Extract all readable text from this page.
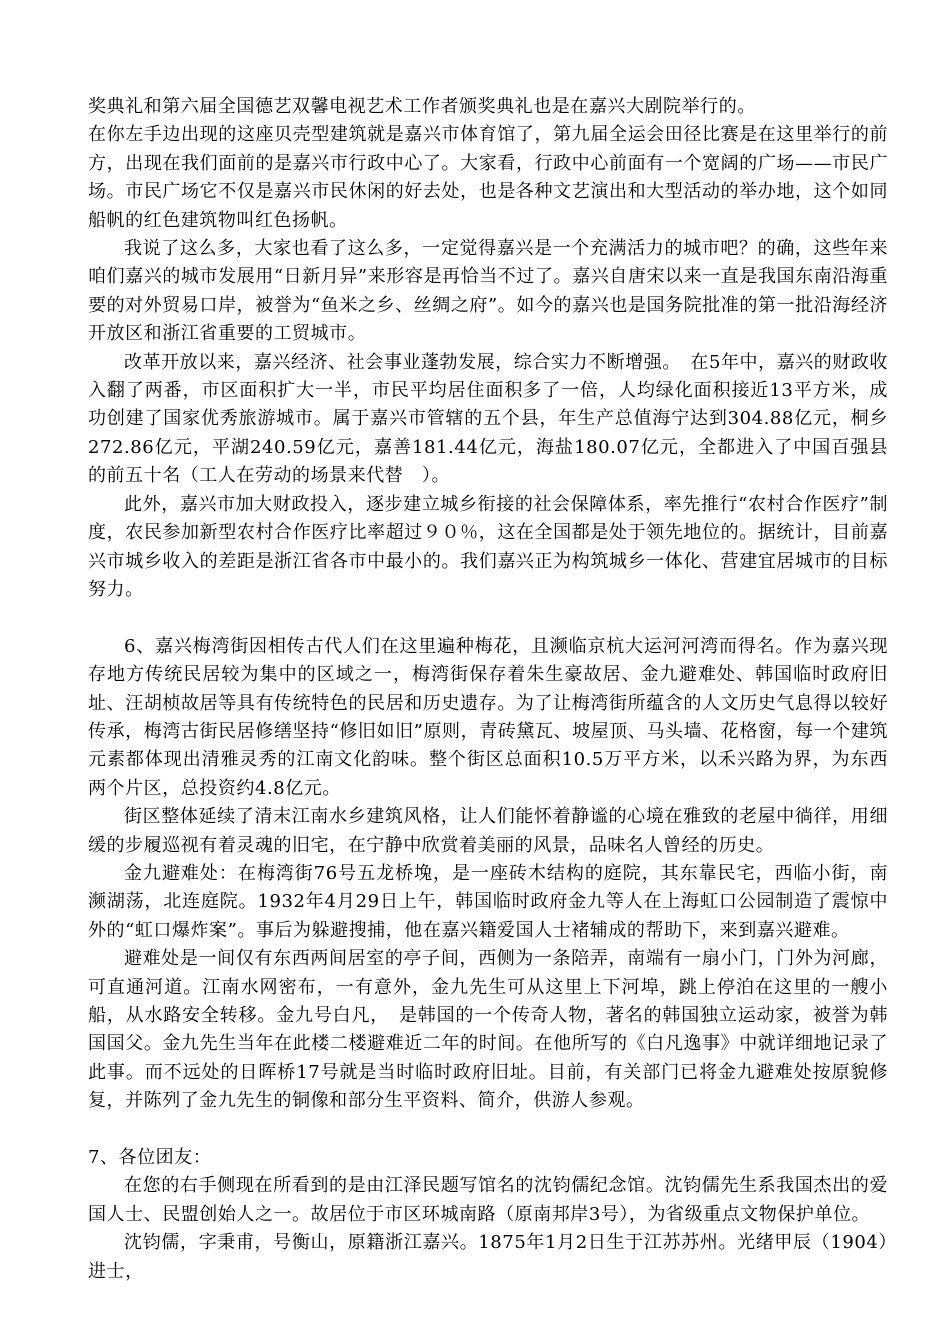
奖典礼和第六届全国德艺双馨电视艺术工作者颁奖典礼也是在嘉兴大剧院举行的。

在你左手边出现的这座贝壳型建筑就是嘉兴市体育馆了，第九届全运会田径比赛是在这里举行的前方，出现在我们面前的是嘉兴市行政中心了。大家看，行政中心前面有一个宽阔的广场——市民广场。市民广场它不仅是嘉兴市民休闲的好去处，也是各种文艺演出和大型活动的举办地，这个如同船帆的红色建筑物叫红色扬帆。

我说了这么多，大家也看了这么多，一定觉得嘉兴是一个充满活力的城市吧？的确，这些年来咱们嘉兴的城市发展用“日新月异”来形容是再恰当不过了。嘉兴自唐宋以来一直是我国东南沿海重要的对外贸易口岸，被誉为“鱼米之乡、丝绸之府”。如今的嘉兴也是国务院批准的第一批沿海经济开放区和浙江省重要的工贸城市。

改革开放以来，嘉兴经济、社会事业蓬勃发展，综合实力不断增强。　在5年中，嘉兴的财政收入翻了两番，市区面积扩大一半，市民平均居住面积多了一倍，人均绿化面积接近13平方米，成功创建了国家优秀旅游城市。属于嘉兴市管辖的五个县，年生产总值海宁达到304.88亿元，桐乡272.86亿元，平湖240.59亿元，嘉善181.44亿元，海盐180.07亿元，全都进入了中国百强县的前五十名（工人在劳动的场景来代替　）。

此外，嘉兴市加大财政投入，逐步建立城乡衔接的社会保障体系，率先推行“农村合作医疗”制度，农民参加新型农村合作医疗比率超过９０％，这在全国都是处于领先地位的。据统计，目前嘉兴市城乡收入的差距是浙江省各市中最小的。我们嘉兴正为构筑城乡一体化、营建宜居城市的目标努力。

6、嘉兴梅湾街因相传古代人们在这里遍种梅花，且濒临京杭大运河河湾而得名。作为嘉兴现存地方传统民居较为集中的区域之一，梅湾街保存着朱生豪故居、金九避难处、韩国临时政府旧址、汪胡桢故居等具有传统特色的民居和历史遗存。为了让梅湾街所蕴含的人文历史气息得以较好传承，梅湾古街民居修缮坚持“修旧如旧”原则，青砖黛瓦、坡屋顶、马头墙、花格窗，每一个建筑元素都体现出清雅灵秀的江南文化韵味。整个街区总面积10.5万平方米，以禾兴路为界，为东西两个片区，总投资约4.8亿元。

街区整体延续了清末江南水乡建筑风格，让人们能怀着静谧的心境在雅致的老屋中徜徉，用细缓的步履巡视有着灵魂的旧宅，在宁静中欣赏着美丽的风景，品味名人曾经的历史。

金九避难处：在梅湾街76号五龙桥堍，是一座砖木结构的庭院，其东靠民宅，西临小街，南濒湖荡，北连庭院。1932年4月29日上午，韩国临时政府金九等人在上海虹口公园制造了震惊中外的“虹口爆炸案”。事后为躲避搜捕，他在嘉兴籍爱国人士褚辅成的帮助下，来到嘉兴避难。

避难处是一间仅有东西两间居室的亭子间，西侧为一条陪弄，南端有一扇小门，门外为河廊，可直通河道。江南水网密布，一有意外，金九先生可从这里上下河埠，跳上停泊在这里的一艘小船，从水路安全转移。金九号白凡，　是韩国的一个传奇人物，著名的韩国独立运动家，被誉为韩国国父。金九先生当年在此楼二楼避难近二年的时间。在他所写的《白凡逸事》中就详细地记录了此事。而不远处的日晖桥17号就是当时临时政府旧址。目前，有关部门已将金九避难处按原貌修复，并陈列了金九先生的铜像和部分生平资料、简介，供游人参观。

7、各位团友：

在您的右手侧现在所看到的是由江泽民题写馆名的沈钧儒纪念馆。沈钧儒先生系我国杰出的爱国人士、民盟创始人之一。故居位于市区环城南路（原南邦岸3号），为省级重点文物保护单位。

沈钧儒，字秉甫，号衡山，原籍浙江嘉兴。1875年1月2日生于江苏苏州。光绪甲辰（1904）进士，
